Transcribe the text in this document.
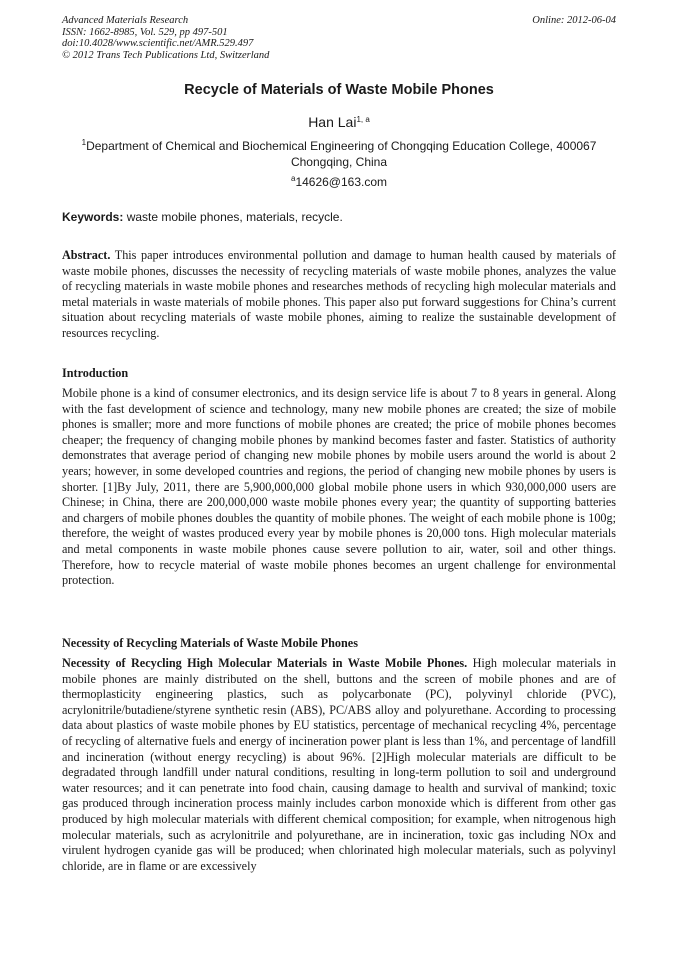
Advanced Materials Research
ISSN: 1662-8985, Vol. 529, pp 497-501
doi:10.4028/www.scientific.net/AMR.529.497
© 2012 Trans Tech Publications Ltd, Switzerland
Online: 2012-06-04
Recycle of Materials of Waste Mobile Phones
Han Lai$^{1, a}$
$^1$Department of Chemical and Biochemical Engineering of Chongqing Education College, 400067
Chongqing, China
$^a$14626@163.com
Keywords: waste mobile phones, materials, recycle.
Abstract. This paper introduces environmental pollution and damage to human health caused by materials of waste mobile phones, discusses the necessity of recycling materials of waste mobile phones, analyzes the value of recycling materials in waste mobile phones and researches methods of recycling high molecular materials and metal materials in waste materials of mobile phones. This paper also put forward suggestions for China’s current situation about recycling materials of waste mobile phones, aiming to realize the sustainable development of resources recycling.
Introduction
Mobile phone is a kind of consumer electronics, and its design service life is about 7 to 8 years in general. Along with the fast development of science and technology, many new mobile phones are created; the size of mobile phones is smaller; more and more functions of mobile phones are created; the price of mobile phones becomes cheaper; the frequency of changing mobile phones by mankind becomes faster and faster. Statistics of authority demonstrates that average period of changing new mobile phones by mobile users around the world is about 2 years; however, in some developed countries and regions, the period of changing new mobile phones by users is shorter. [1]By July, 2011, there are 5,900,000,000 global mobile phone users in which 930,000,000 users are Chinese; in China, there are 200,000,000 waste mobile phones every year; the quantity of supporting batteries and chargers of mobile phones doubles the quantity of mobile phones. The weight of each mobile phone is 100g; therefore, the weight of wastes produced every year by mobile phones is 20,000 tons. High molecular materials and metal components in waste mobile phones cause severe pollution to air, water, soil and other things. Therefore, how to recycle material of waste mobile phones becomes an urgent challenge for environmental protection.
Necessity of Recycling Materials of Waste Mobile Phones
Necessity of Recycling High Molecular Materials in Waste Mobile Phones. High molecular materials in mobile phones are mainly distributed on the shell, buttons and the screen of mobile phones and are of thermoplasticity engineering plastics, such as polycarbonate (PC), polyvinyl chloride (PVC), acrylonitrile/butadiene/styrene synthetic resin (ABS), PC/ABS alloy and polyurethane. According to processing data about plastics of waste mobile phones by EU statistics, percentage of mechanical recycling 4%, percentage of recycling of alternative fuels and energy of incineration power plant is less than 1%, and percentage of landfill and incineration (without energy recycling) is about 96%. [2]High molecular materials are difficult to be degradated through landfill under natural conditions, resulting in long-term pollution to soil and underground water resources; and it can penetrate into food chain, causing damage to health and survival of mankind; toxic gas produced through incineration process mainly includes carbon monoxide which is different from other gas produced by high molecular materials with different chemical composition; for example, when nitrogenous high molecular materials, such as acrylonitrile and polyurethane, are in incineration, toxic gas including NOx and virulent hydrogen cyanide gas will be produced; when chlorinated high molecular materials, such as polyvinyl chloride, are in flame or are excessively
